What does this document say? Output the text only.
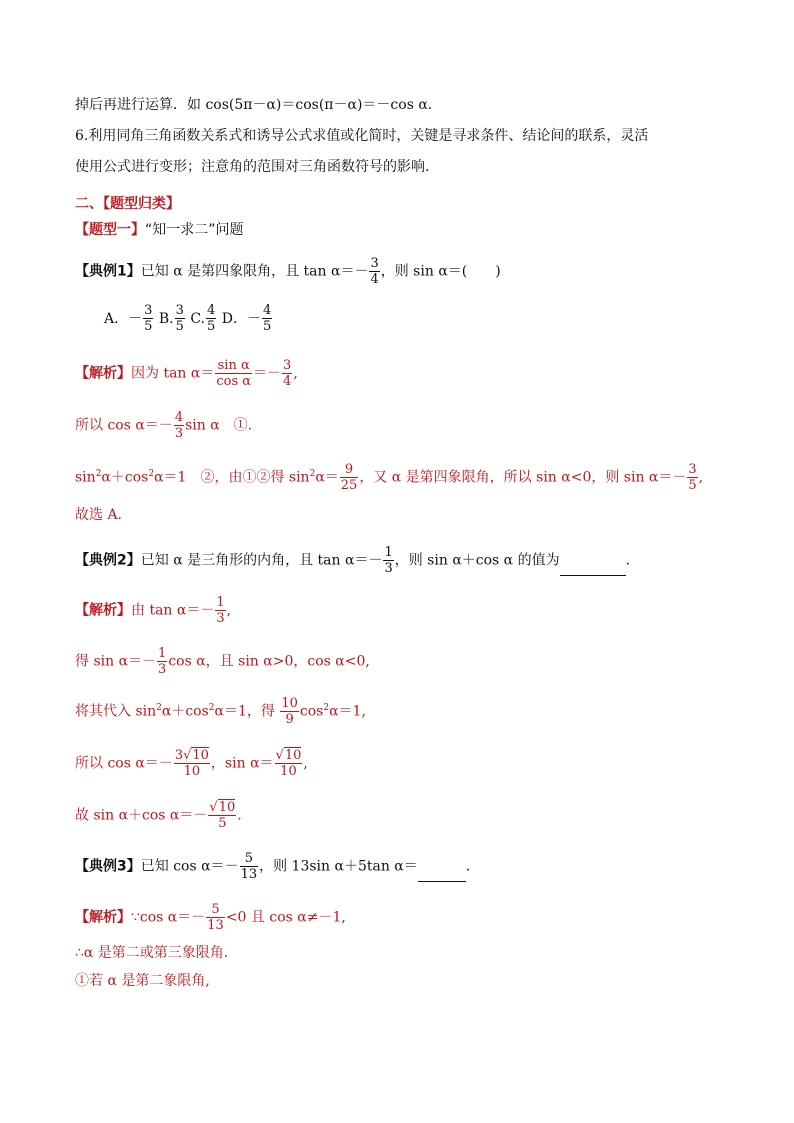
掉后再进行运算．如 cos(5π－α)＝cos(π－α)＝－cos α.
6.利用同角三角函数关系式和诱导公式求值或化简时，关键是寻求条件、结论间的联系，灵活
使用公式进行变形；注意角的范围对三角函数符号的影响.
二、【题型归类】
【题型一】“知一求二”问题
【典例1】已知 α 是第四象限角，且 $\tan \alpha=- \frac{3}{4}$ ，则 sin α＝(　　)
A．－ $\frac{3}{5} B$. $\frac{3}{5} C$. $\frac{4}{5}$ D．－ $\frac{4}{5}$
【解析】因为 $\tan \alpha= \frac{\text{sin α}}{\text{cos α}} =- \frac{3}{4}$ ,
所以 $\cos \alpha=- \frac{4}{3}$ sin α　①.
$\sin^2\alpha+\cos^2\alpha=1$　②，由①②得 $\sin^2\alpha= \frac{9}{25}$ ，又 α 是第四象限角，所以 sin α<0，则 $\sin \alpha=- \frac{3}{5}$ ,
故选 A.
【典例2】已知 α 是三角形的内角，且 $\tan \alpha=- \frac{1}{3}$ ，则 sin α＋cos α 的值为	.
【解析】由 $\tan \alpha=- \frac{1}{3}$ ,
得 $\sin \alpha=- \frac{1}{3}$ cos α，且 sin α>0，cos α<0,
将其代入 $\sin^2\alpha+\cos^2\alpha=1$，得 $\frac{10}{9} \cos^2\alpha=1$,
所以 $\cos \alpha=- \frac{3√10}{10}$ ，$\sin \alpha= \frac{√10}{10}$ ,
故 sin α＋cos $\alpha=- \frac{√10}{5}$ .
【典例3】已知 $\cos \alpha=- \frac{5}{13}$ ，则 13sin α＋5tan α＝	.
【解析】∵cos $\alpha=- \frac{5}{13} <0$ 且 cos α≠－1,
∴α 是第二或第三象限角.
①若 α 是第二象限角,
